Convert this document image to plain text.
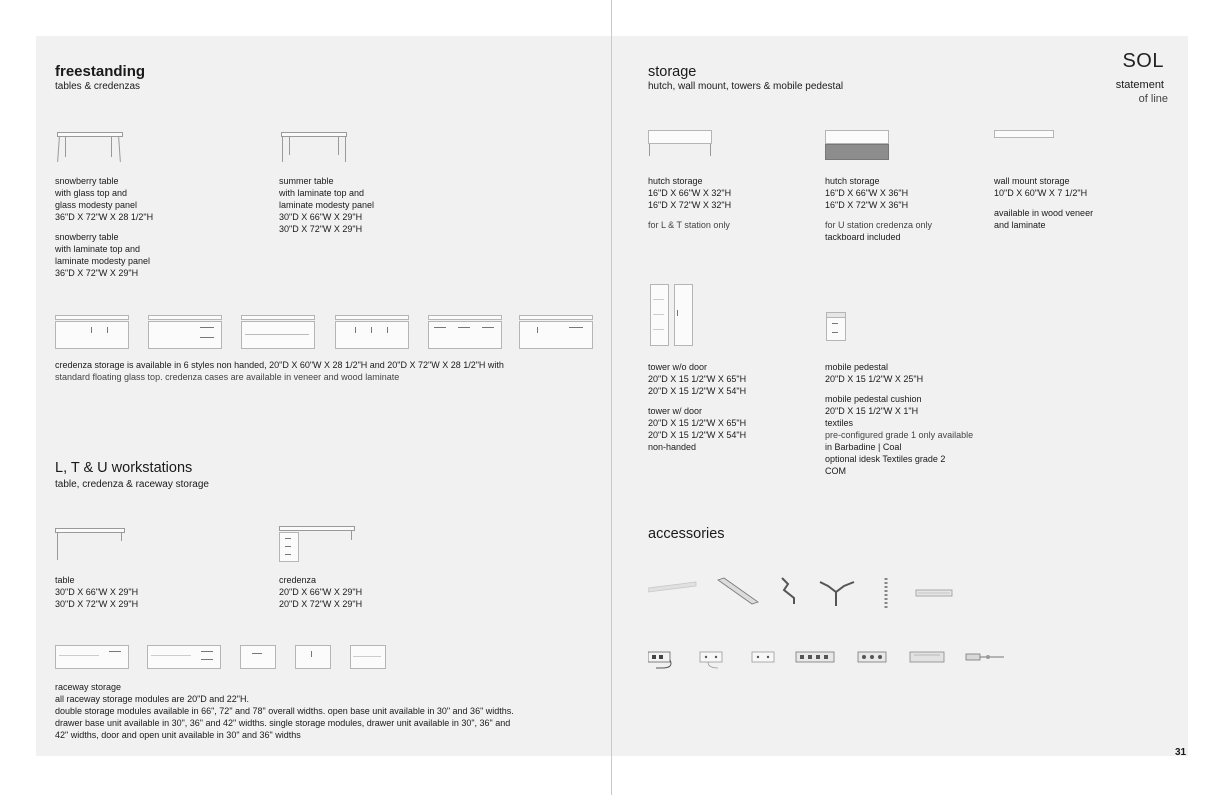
freestanding
tables & credenzas
snowberry table
with glass top and
glass modesty panel
36"D X 72"W X 28 1/2"H
snowberry table
with laminate top and
laminate modesty panel
36"D X 72"W X 29"H
summer table
with laminate top and
laminate modesty panel
30"D X 66"W X 29"H
30"D X 72"W X 29"H
credenza storage is available in 6 styles non handed, 20"D X 60"W X 28 1/2"H and 20"D X 72"W X 28 1/2"H with
standard floating glass top. credenza cases are available in veneer and wood laminate
L, T & U workstations
table, credenza & raceway storage
table
30"D X 66"W X 29"H
30"D X 72"W X 29"H
credenza
20"D X 66"W X 29"H
20"D X 72"W X 29"H
raceway storage
all raceway storage modules are 20"D and 22"H.
double storage modules available in 66", 72" and 78" overall widths. open base unit available in 30" and 36" widths.
drawer base unit available in 30", 36" and 42" widths. single storage modules, drawer unit available in 30", 36" and
42" widths, door and open unit available in 30" and 36" widths
SOL
statement
of line
storage
hutch, wall mount, towers & mobile pedestal
hutch storage
16"D X 66"W X 32"H
16"D X 72"W X 32"H
for L & T station only
hutch storage
16"D X 66"W X 36"H
16"D X 72"W X 36"H
for U station credenza only
tackboard included
wall mount storage
10"D X 60"W X 7 1/2"H
available in wood veneer
and laminate
tower w/o door
20"D X 15 1/2"W X 65"H
20"D X 15 1/2"W X 54"H
tower w/ door
20"D X 15 1/2"W X 65"H
20"D X 15 1/2"W X 54"H
non-handed
mobile pedestal
20"D X 15 1/2"W X 25"H
mobile pedestal cushion
20"D X 15 1/2"W X 1"H
textiles
pre-configured grade 1 only available
in Barbadine | Coal
optional idesk Textiles grade 2
COM
accessories
31
